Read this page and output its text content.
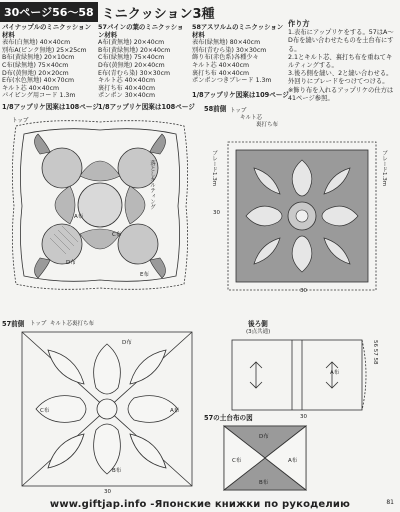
30ページ56〜58 ミニクッション3種
パイナップルのミニクッション材料
表布(白無地) 40×40cm
別布A(ピンク無地) 25×25cm
B布(黄緑無地) 20×10cm
C布(緑無地) 75×40cm
D布(黄無地) 20×20cm
E布(水色無地) 40×70cm
キルト芯 40×40cm
パイピング用コード 1.3m
57パインの葉のミニクッション材料
A布(黄無地) 20×40cm
B布(黄緑無地) 20×40cm
C布(緑無地) 75×40cm
D布(黄無地) 20×40cm
E布(青むら染) 30×30cm
キルト芯 40×40cm
裏打ち布 40×40cm
ポンポン 30×40cm
58アスワルムのミニクッション材料
表布(緑無地) 80×40cm
別布(青むら染) 30×30cm
飾り布(赤色系)各種少々
キルト芯 40×40cm
裏打ち布 40×40cm
ポンポンつきブレード 1.3m
作り方
1.表布にアップリケをする。57はA〜D布を縫い合わせたものを土台布にする。
2.1とキルト芯、裏打ち布を重ねてキルティングする。
3.後ろ側を縫い、2と縫い合わせる。外回りにブレードをつけてつける。
※飾り布を入れるアップリケの仕方は41ページ参照。
1/8アップリケ図案は108ページ 1/8アップリケ図案は108ページ
1/8アップリケ図案は109ページ
トップ
落としキルティング
A布
C布
D布
E布
58前側 トップ
キルト芯
裏打ち布
ブレード1.3m	ブレード1.3m
30
30
57前側 トップ キルト芯 裏打ち布
D布
C布	A布
B布
30
後ろ側
(3点共通)
A布
56 57 58
30
57の土台布の図
D布
C布	A布
B布
www.giftjap.info -Японские книжки по рукоделию	81
